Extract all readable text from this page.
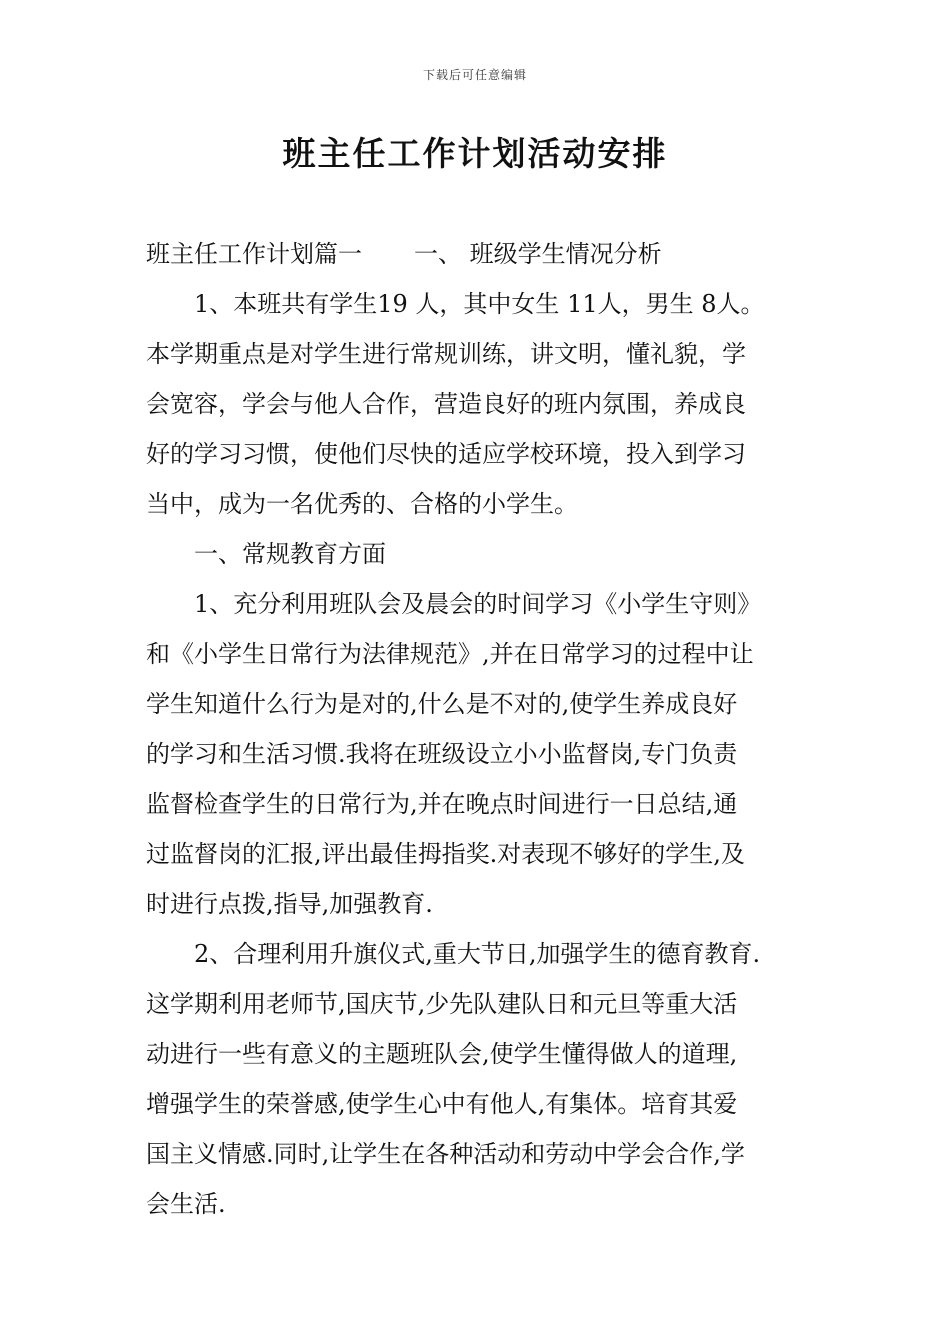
下载后可任意编辑
班主任工作计划活动安排
班主任工作计划篇一 一、 班级学生情况分析
1、本班共有学生19 人，其中女生 11人，男生 8人。
本学期重点是对学生进行常规训练，讲文明，懂礼貌，学
会宽容，学会与他人合作，营造良好的班内氛围，养成良
好的学习习惯，使他们尽快的适应学校环境，投入到学习
当中，成为一名优秀的、合格的小学生。
一、常规教育方面
1、充分利用班队会及晨会的时间学习《小学生守则》
和《小学生日常行为法律规范》,并在日常学习的过程中让
学生知道什么行为是对的,什么是不对的,使学生养成良好
的学习和生活习惯.我将在班级设立小小监督岗,专门负责
监督检查学生的日常行为,并在晚点时间进行一日总结,通
过监督岗的汇报,评出最佳拇指奖.对表现不够好的学生,及
时进行点拨,指导,加强教育.
2、合理利用升旗仪式,重大节日,加强学生的德育教育.
这学期利用老师节,国庆节,少先队建队日和元旦等重大活
动进行一些有意义的主题班队会,使学生懂得做人的道理,
增强学生的荣誉感,使学生心中有他人,有集体。培育其爱
国主义情感.同时,让学生在各种活动和劳动中学会合作,学
会生活.
